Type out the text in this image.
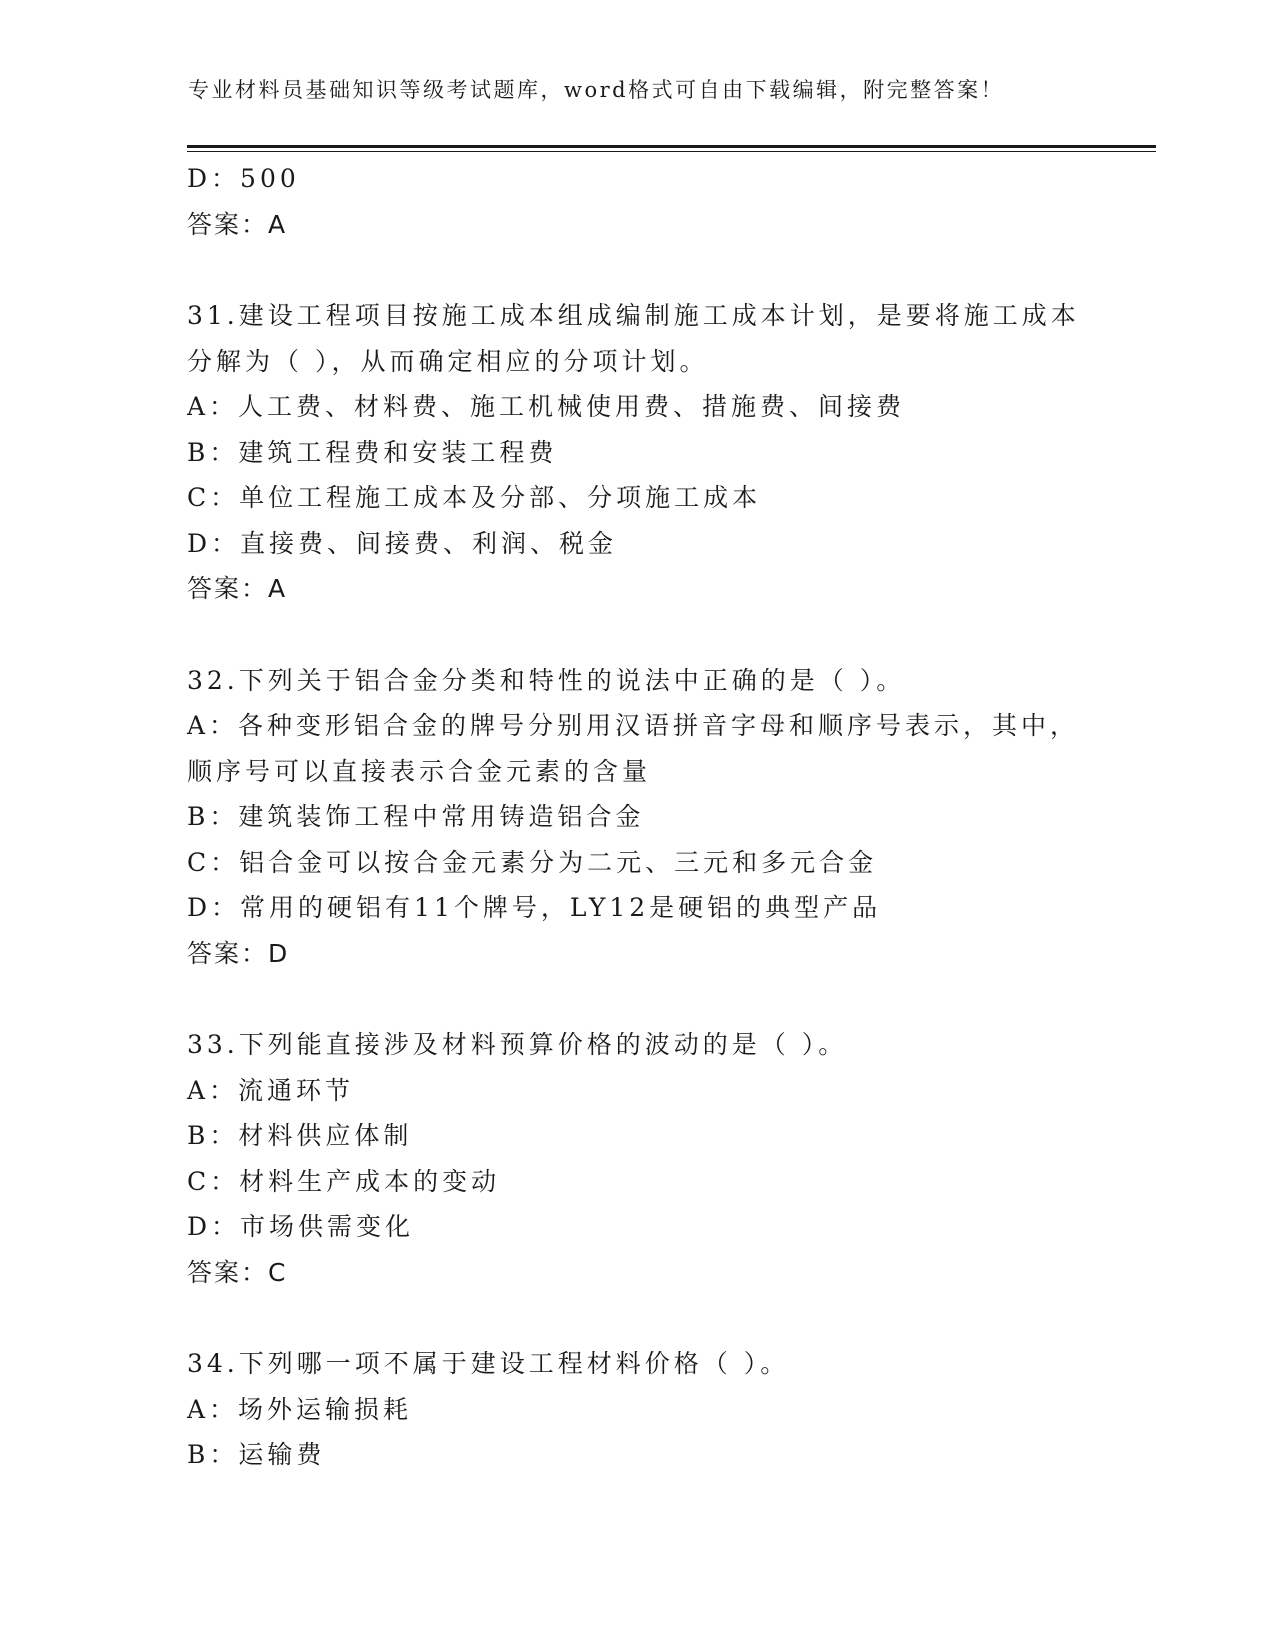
专业材料员基础知识等级考试题库，word格式可自由下载编辑，附完整答案！
D：500
答案：A
31.建设工程项目按施工成本组成编制施工成本计划，是要将施工成本
分解为（ ），从而确定相应的分项计划。
A：人工费、材料费、施工机械使用费、措施费、间接费
B：建筑工程费和安装工程费
C：单位工程施工成本及分部、分项施工成本
D：直接费、间接费、利润、税金
答案：A
32.下列关于铝合金分类和特性的说法中正确的是（ ）。
A：各种变形铝合金的牌号分别用汉语拼音字母和顺序号表示，其中，
顺序号可以直接表示合金元素的含量
B：建筑装饰工程中常用铸造铝合金
C：铝合金可以按合金元素分为二元、三元和多元合金
D：常用的硬铝有11个牌号，LY12是硬铝的典型产品
答案：D
33.下列能直接涉及材料预算价格的波动的是（ ）。
A：流通环节
B：材料供应体制
C：材料生产成本的变动
D：市场供需变化
答案：C
34.下列哪一项不属于建设工程材料价格（ ）。
A：场外运输损耗
B：运输费
